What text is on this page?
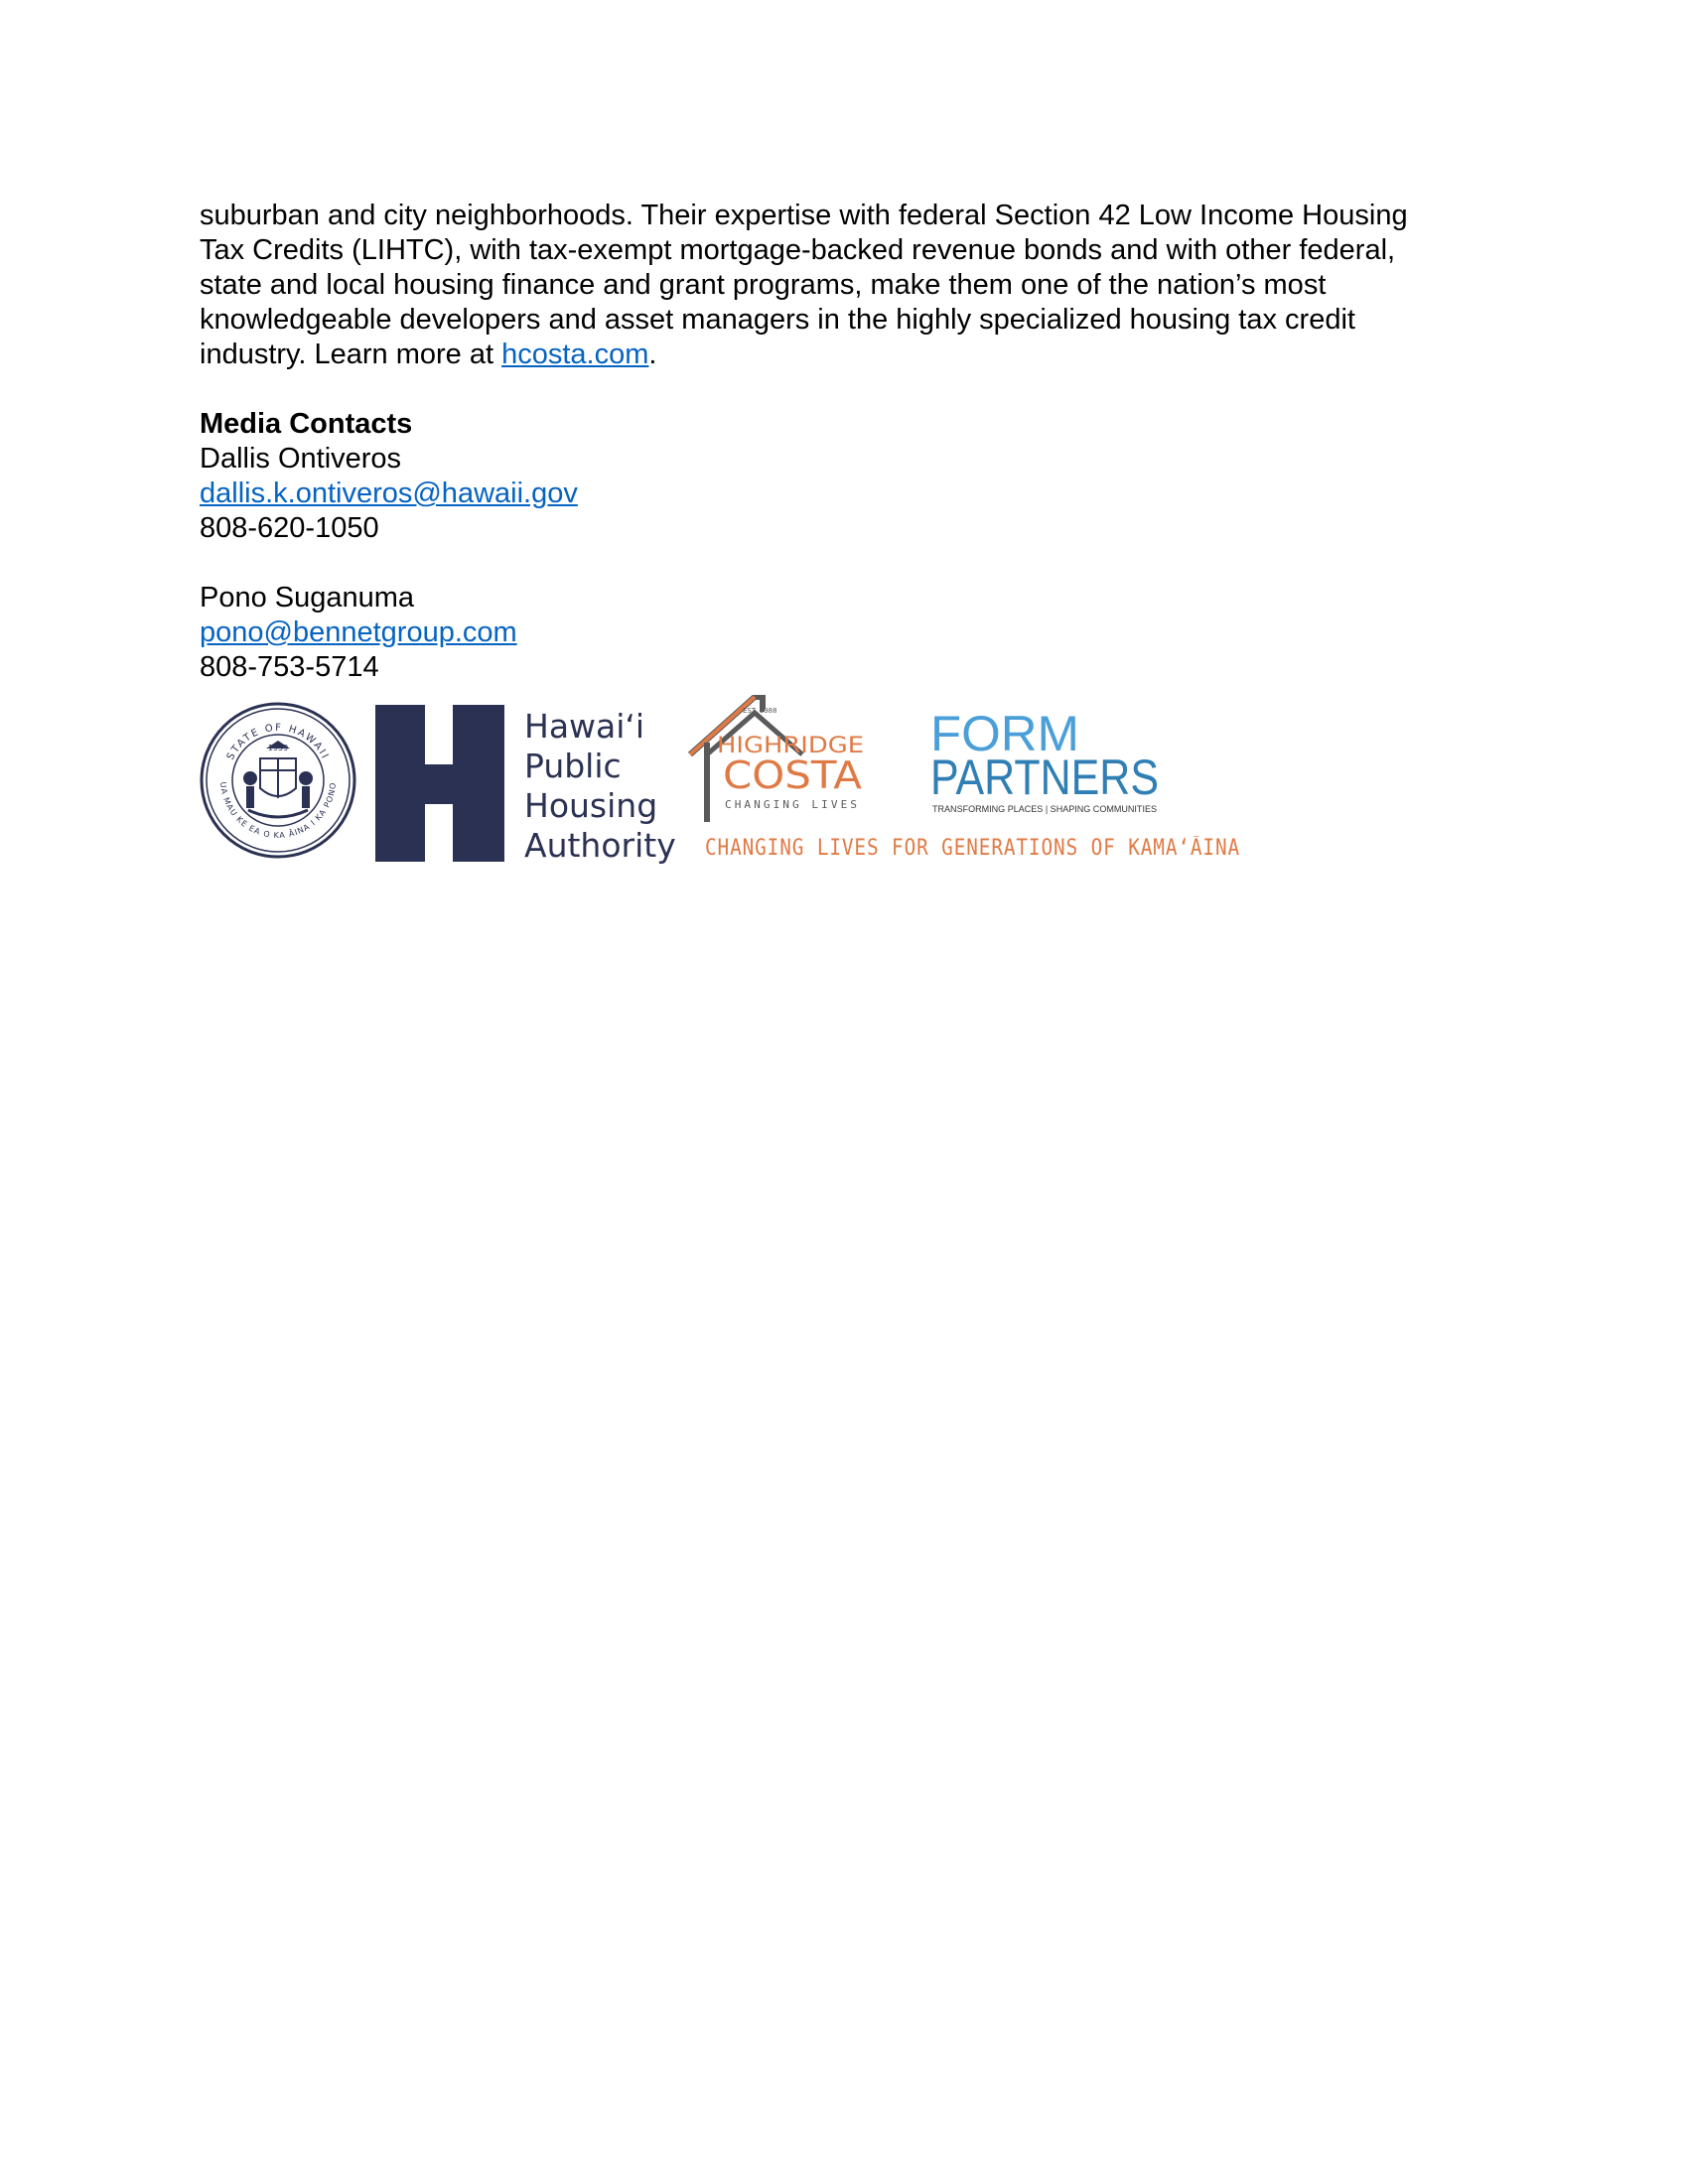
suburban and city neighborhoods. Their expertise with federal Section 42 Low Income Housing
Tax Credits (LIHTC), with tax-exempt mortgage-backed revenue bonds and with other federal,
state and local housing finance and grant programs, make them one of the nation’s most
knowledgeable developers and asset managers in the highly specialized housing tax credit
industry. Learn more at hcosta.com.

Media Contacts

Dallis Ontiveros

dallis.k.ontiveros@hawaii.gov

808-620-1050

Pono Suganuma

pono@bennetgroup.com

808-753-5714

STATE OF HAWAII
UA MAU KE EA O KA ĀINA I KA PONO
Hawaiʻi
Public
Housing
Authority
EST. 1988
HIGHRIDGE
COSTA
CHANGING LIVES
FORM
PARTNERS
TRANSFORMING PLACES | SHAPING COMMUNITIES
CHANGING LIVES FOR GENERATIONS OF KAMAʻĀINA
